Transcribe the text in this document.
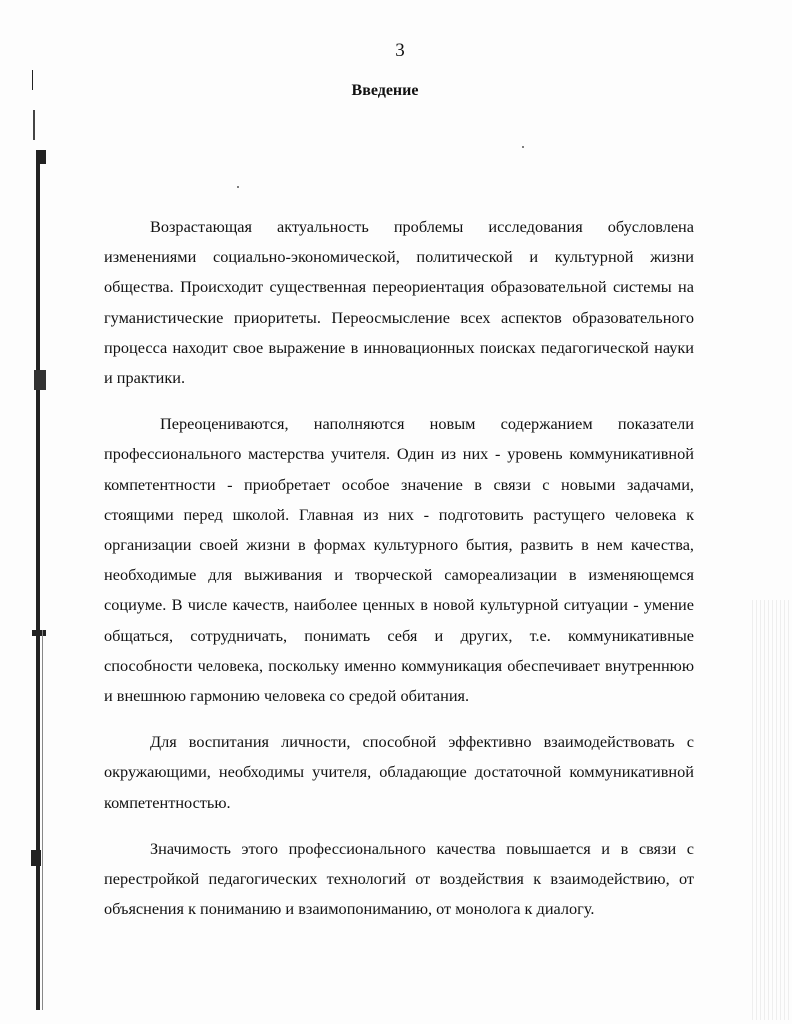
3
Введение

Возрастающая актуальность проблемы исследования обусловлена изменениями социально-экономической, политической и культурной жизни общества. Происходит существенная переориентация образовательной системы на гуманистические приоритеты. Переосмысление всех аспектов образовательного процесса находит свое выражение в инновационных поисках педагогической науки и практики.

Переоцениваются, наполняются новым содержанием показатели профессионального мастерства учителя. Один из них - уровень коммуникативной компетентности - приобретает особое значение в связи с новыми задачами, стоящими перед школой. Главная из них - подготовить растущего человека к организации своей жизни в формах культурного бытия, развить в нем качества, необходимые для выживания и творческой самореализации в изменяющемся социуме. В числе качеств, наиболее ценных в новой культурной ситуации - умение общаться, сотрудничать, понимать себя и других, т.е. коммуникативные способности человека, поскольку именно коммуникация обеспечивает внутреннюю и внешнюю гармонию человека со средой обитания.

Для воспитания личности, способной эффективно взаимодействовать с окружающими, необходимы учителя, обладающие достаточной коммуникативной компетентностью.

Значимость этого профессионального качества повышается и в связи с перестройкой педагогических технологий от воздействия к взаимодействию, от объяснения к пониманию и взаимопониманию, от монолога к диалогу.
